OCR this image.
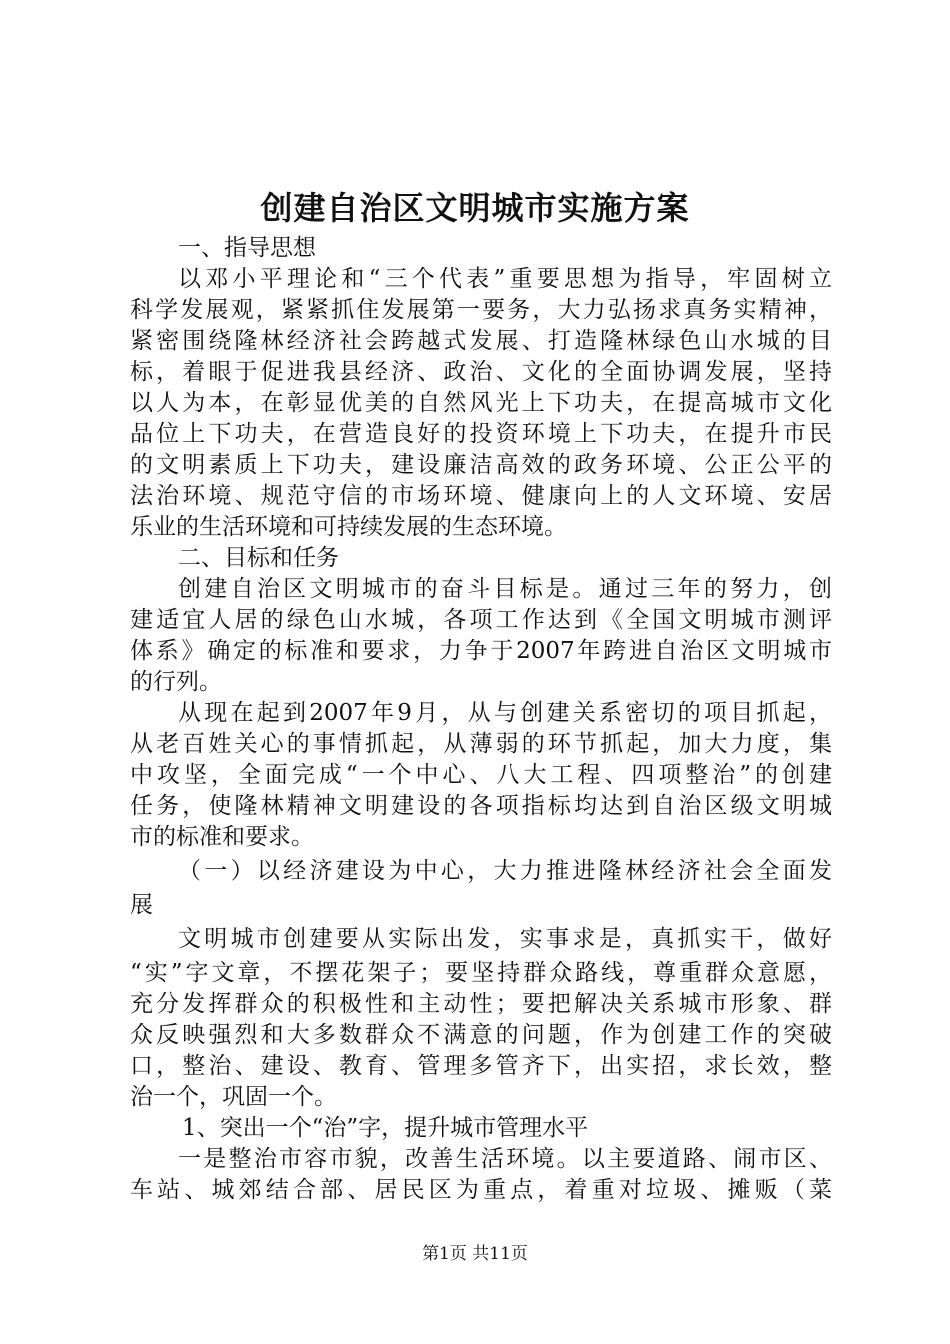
创建自治区文明城市实施方案
一、指导思想
以邓小平理论和“三个代表”重要思想为指导，牢固树立
科学发展观，紧紧抓住发展第一要务，大力弘扬求真务实精神，
紧密围绕隆林经济社会跨越式发展、打造隆林绿色山水城的目
标，着眼于促进我县经济、政治、文化的全面协调发展，坚持
以人为本，在彰显优美的自然风光上下功夫，在提高城市文化
品位上下功夫，在营造良好的投资环境上下功夫，在提升市民
的文明素质上下功夫，建设廉洁高效的政务环境、公正公平的
法治环境、规范守信的市场环境、健康向上的人文环境、安居
乐业的生活环境和可持续发展的生态环境。
二、目标和任务
创建自治区文明城市的奋斗目标是。通过三年的努力，创
建适宜人居的绿色山水城，各项工作达到《全国文明城市测评
体系》确定的标准和要求，力争于2007年跨进自治区文明城市
的行列。
从现在起到2007年9月，从与创建关系密切的项目抓起，
从老百姓关心的事情抓起，从薄弱的环节抓起，加大力度，集
中攻坚，全面完成“一个中心、八大工程、四项整治”的创建
任务，使隆林精神文明建设的各项指标均达到自治区级文明城
市的标准和要求。
（一）以经济建设为中心，大力推进隆林经济社会全面发
展
文明城市创建要从实际出发，实事求是，真抓实干，做好
“实”字文章，不摆花架子；要坚持群众路线，尊重群众意愿，
充分发挥群众的积极性和主动性；要把解决关系城市形象、群
众反映强烈和大多数群众不满意的问题，作为创建工作的突破
口，整治、建设、教育、管理多管齐下，出实招，求长效，整
治一个，巩固一个。
1、突出一个“治”字，提升城市管理水平
一是整治市容市貌，改善生活环境。以主要道路、闹市区、
车站、城郊结合部、居民区为重点，着重对垃圾、摊贩（菜
第1页 共11页
